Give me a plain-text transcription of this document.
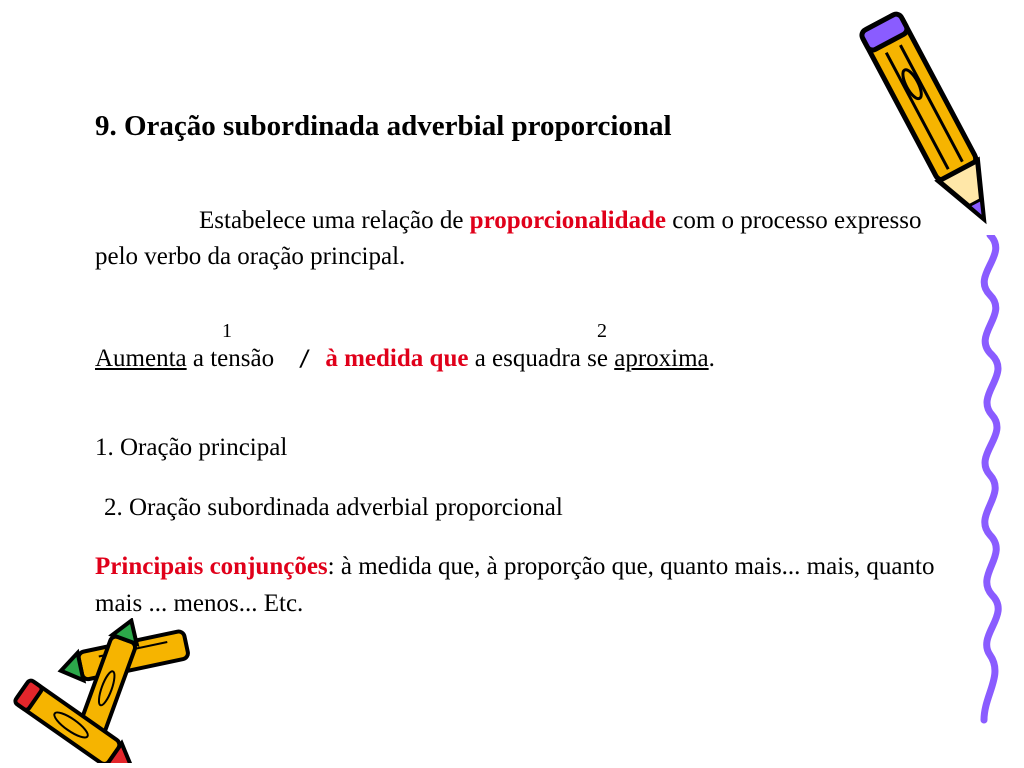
9. Oração subordinada adverbial proporcional
Estabelece uma relação de proporcionalidade com o processo expresso pelo verbo da oração principal.
1	2
Aumenta a tensão / à medida que a esquadra se aproxima.
1. Oração principal
2. Oração subordinada adverbial proporcional
Principais conjunções: à medida que, à proporção que, quanto mais... mais, quanto mais ... menos... Etc.
